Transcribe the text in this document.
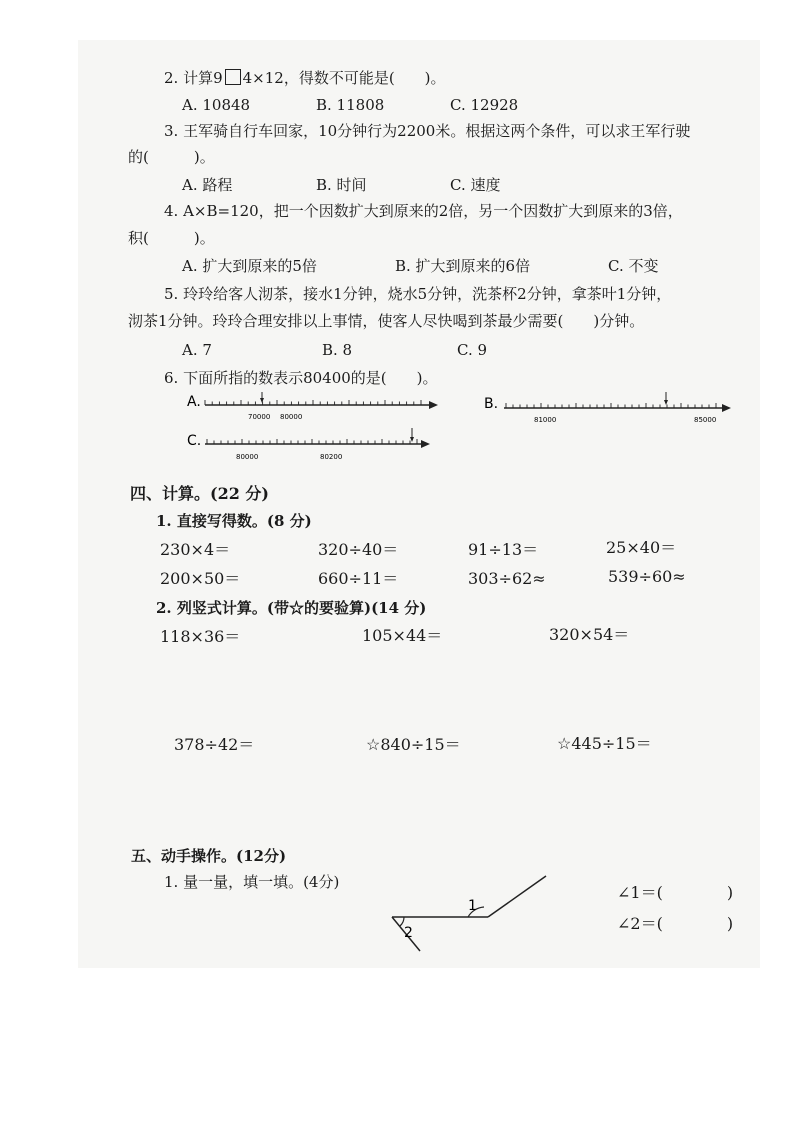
2. 计算9 4×12，得数不可能是(　　)。
A. 10848	B. 11808	C. 12928
3. 王军骑自行车回家，10分钟行为2200米。根据这两个条件，可以求王军行驶
的(　　　)。
A. 路程	B. 时间	C. 速度
4. A×B=120，把一个因数扩大到原来的2倍，另一个因数扩大到原来的3倍，
积(　　　)。
A. 扩大到原来的5倍	B. 扩大到原来的6倍	C. 不变
5. 玲玲给客人沏茶，接水1分钟，烧水5分钟，洗茶杯2分钟，拿茶叶1分钟，
沏茶1分钟。玲玲合理安排以上事情，使客人尽快喝到茶最少需要(　　)分钟。
A. 7	B. 8	C. 9
6. 下面所指的数表示80400的是(　　)。
A.
70000 80000
B.
81000	85000
C.
80000	80200
1
2
四、计算。(22 分)
1. 直接写得数。(8 分)
230×4＝	320÷40＝	91÷13＝	25×40＝
200×50＝	660÷11＝	303÷62≈	539÷60≈
2. 列竖式计算。(带☆的要验算)(14 分)
118×36＝	105×44＝	320×54＝
378÷42＝	☆840÷15＝	☆445÷15＝
五、动手操作。(12分)
1. 量一量，填一填。(4分)
∠1＝(　　　　)
∠2＝(　　　　)
